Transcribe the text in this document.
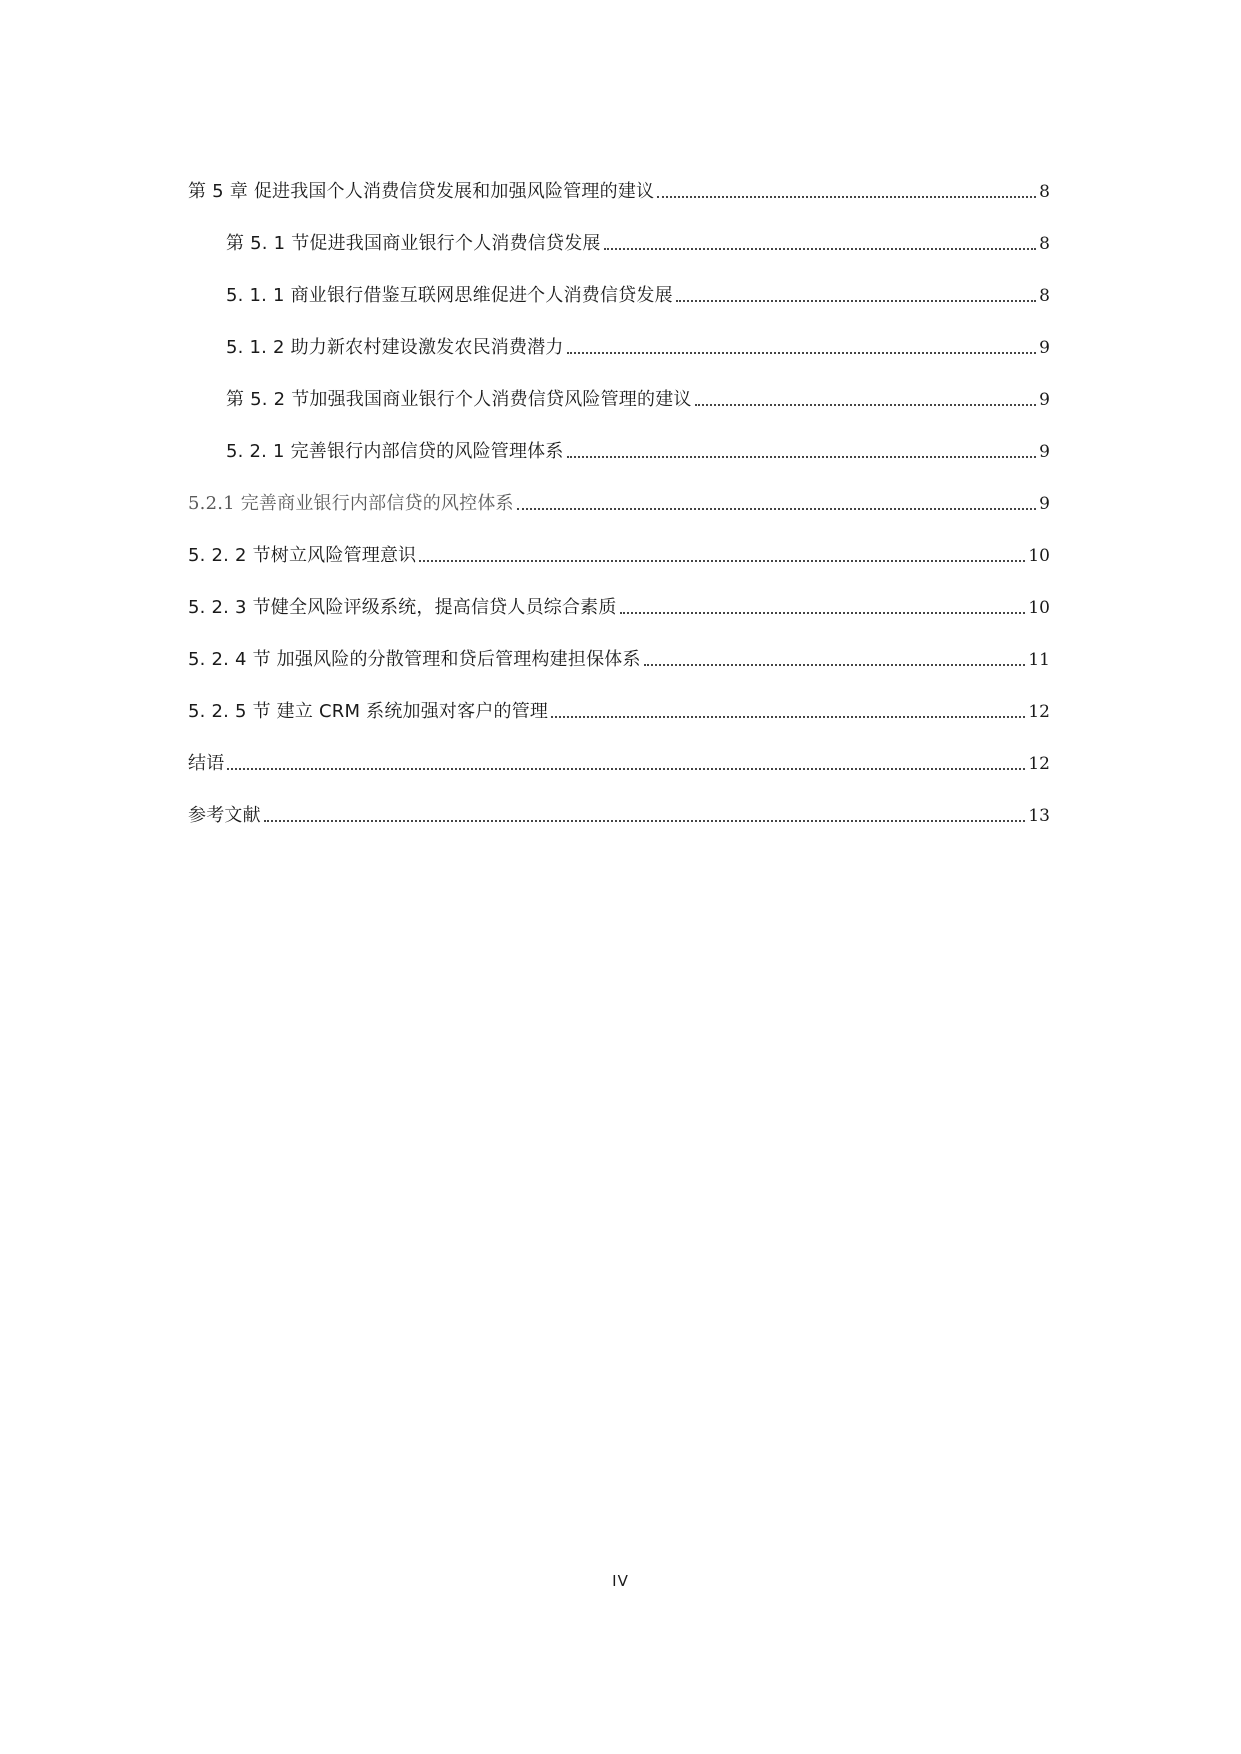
第 5 章 促进我国个人消费信贷发展和加强风险管理的建议	8
第 5. 1 节促进我国商业银行个人消费信贷发展	8
5. 1. 1 商业银行借鉴互联网思维促进个人消费信贷发展	8
5. 1. 2 助力新农村建设激发农民消费潜力	9
第 5. 2 节加强我国商业银行个人消费信贷风险管理的建议	9
5. 2. 1 完善银行内部信贷的风险管理体系	9
5.2.1 完善商业银行内部信贷的风控体系	9
5. 2. 2 节树立风险管理意识	10
5. 2. 3 节健全风险评级系统，提高信贷人员综合素质	10
5. 2. 4 节 加强风险的分散管理和贷后管理构建担保体系	11
5. 2. 5 节 建立 CRM 系统加强对客户的管理	12
结语	12
参考文献	13
IV
